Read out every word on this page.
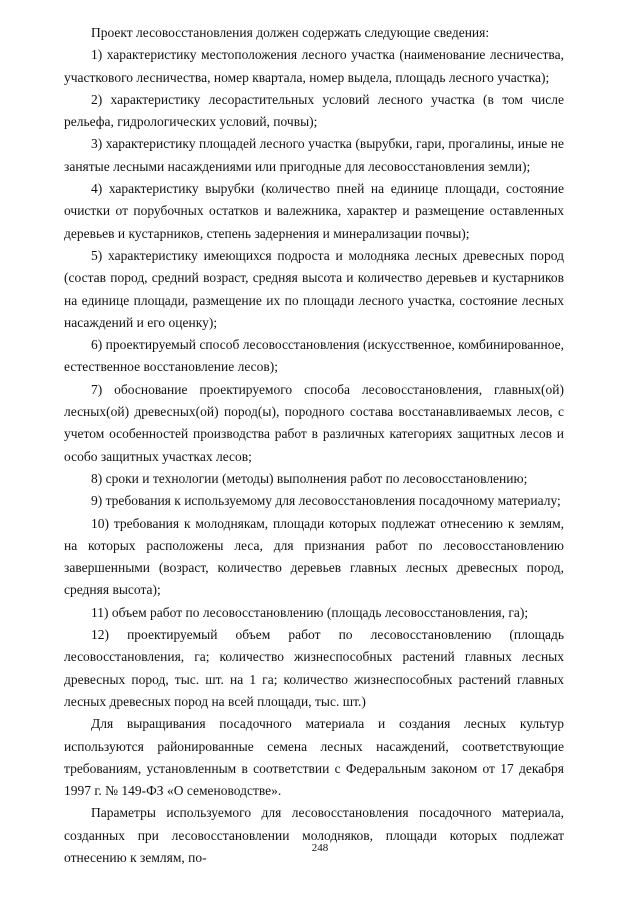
Проект лесовосстановления должен содержать следующие сведения:

1) характеристику местоположения лесного участка (наименование лесничества, участкового лесничества, номер квартала, номер выдела, площадь лесного участка);

2) характеристику лесорастительных условий лесного участка (в том числе рельефа, гидрологических условий, почвы);

3) характеристику площадей лесного участка (вырубки, гари, прогалины, иные не занятые лесными насаждениями или пригодные для лесовосстановления земли);

4) характеристику вырубки (количество пней на единице площади, состояние очистки от порубочных остатков и валежника, характер и размещение оставленных деревьев и кустарников, степень задернения и минерализации почвы);

5) характеристику имеющихся подроста и молодняка лесных древесных пород (состав пород, средний возраст, средняя высота и количество деревьев и кустарников на единице площади, размещение их по площади лесного участка, состояние лесных насаждений и его оценку);

6) проектируемый способ лесовосстановления (искусственное, комбинированное, естественное восстановление лесов);

7) обоснование проектируемого способа лесовосстановления, главных(ой) лесных(ой) древесных(ой) пород(ы), породного состава восстанавливаемых лесов, с учетом особенностей производства работ в различных категориях защитных лесов и особо защитных участках лесов;

8) сроки и технологии (методы) выполнения работ по лесовосстановлению;

9) требования к используемому для лесовосстановления посадочному материалу;

10) требования к молоднякам, площади которых подлежат отнесению к землям, на которых расположены леса, для признания работ по лесовосстановлению завершенными (возраст, количество деревьев главных лесных древесных пород, средняя высота);

11) объем работ по лесовосстановлению (площадь лесовосстановления, га);

12) проектируемый объем работ по лесовосстановлению (площадь лесовосстановления, га; количество жизнеспособных растений главных лесных древесных пород, тыс. шт. на 1 га; количество жизнеспособных растений главных лесных древесных пород на всей площади, тыс. шт.)

Для выращивания посадочного материала и создания лесных культур используются районированные семена лесных насаждений, соответствующие требованиям, установленным в соответствии с Федеральным законом от 17 декабря 1997 г. № 149-ФЗ «О семеноводстве».

Параметры используемого для лесовосстановления посадочного материала, созданных при лесовосстановлении молодняков, площади которых подлежат отнесению к землям, по-

248
